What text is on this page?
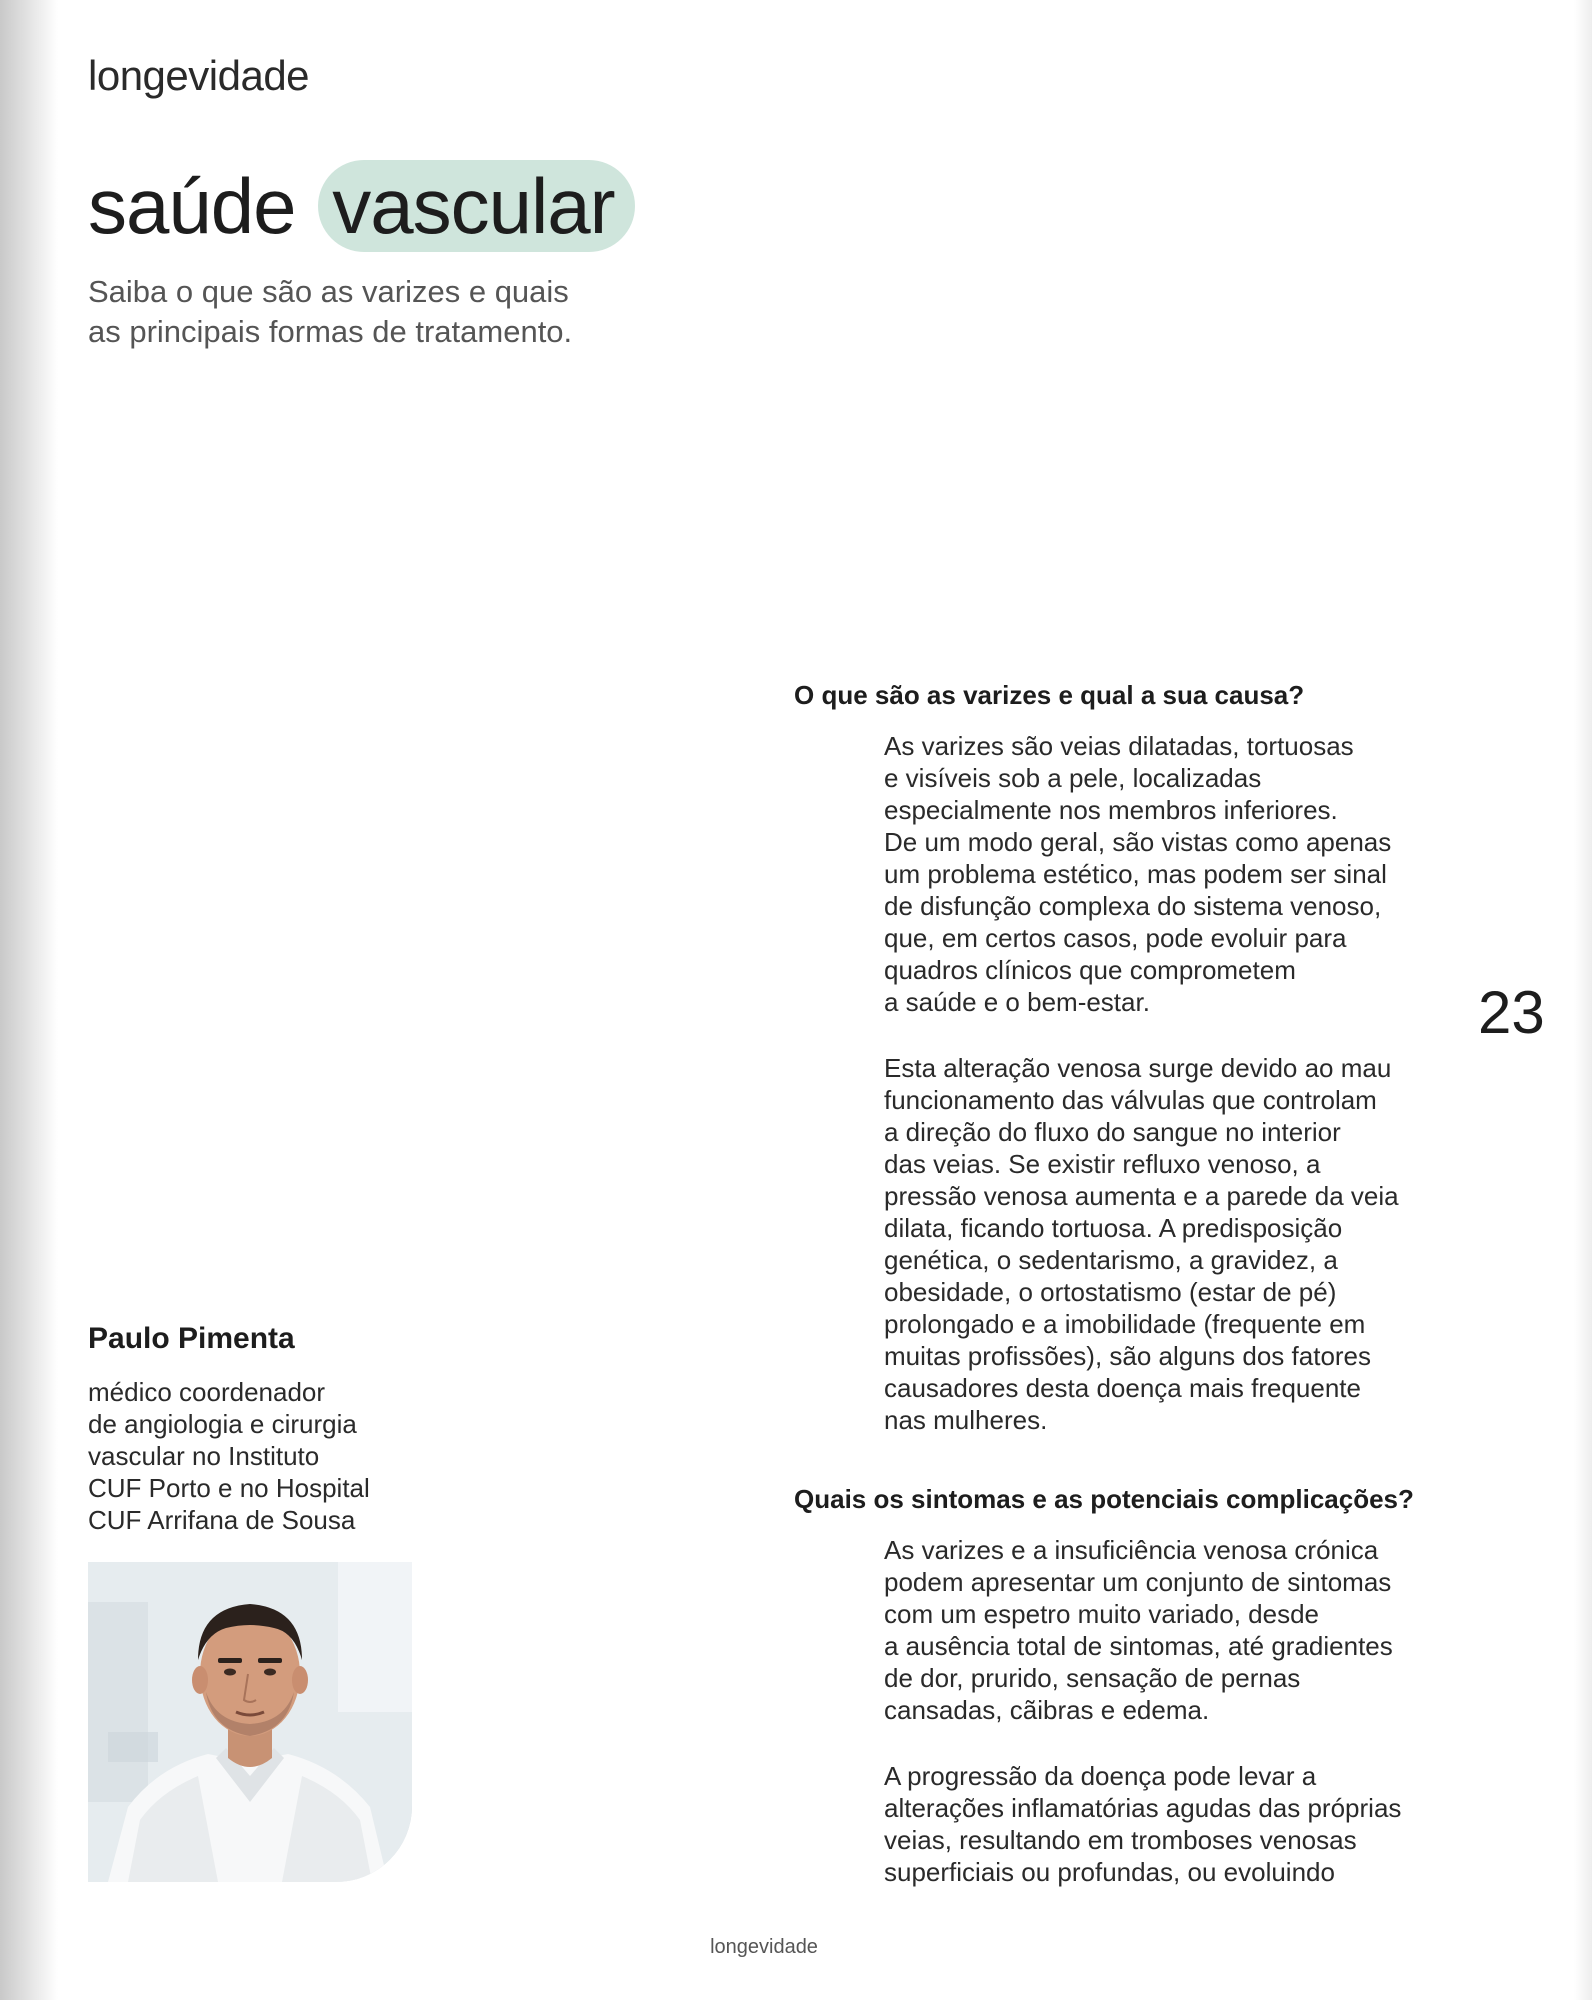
longevidade
saúde vascular
Saiba o que são as varizes e quais
as principais formas de tratamento.
Paulo Pimenta
médico coordenador
de angiologia e cirurgia
vascular no Instituto
CUF Porto e no Hospital
CUF Arrifana de Sousa
23
O que são as varizes e qual a sua causa?
As varizes são veias dilatadas, tortuosas
e visíveis sob a pele, localizadas
especialmente nos membros inferiores.
De um modo geral, são vistas como apenas
um problema estético, mas podem ser sinal
de disfunção complexa do sistema venoso,
que, em certos casos, pode evoluir para
quadros clínicos que comprometem
a saúde e o bem-estar.
Esta alteração venosa surge devido ao mau
funcionamento das válvulas que controlam
a direção do fluxo do sangue no interior
das veias. Se existir refluxo venoso, a
pressão venosa aumenta e a parede da veia
dilata, ficando tortuosa. A predisposição
genética, o sedentarismo, a gravidez, a
obesidade, o ortostatismo (estar de pé)
prolongado e a imobilidade (frequente em
muitas profissões), são alguns dos fatores
causadores desta doença mais frequente
nas mulheres.
Quais os sintomas e as potenciais complicações?
As varizes e a insuficiência venosa crónica
podem apresentar um conjunto de sintomas
com um espetro muito variado, desde
a ausência total de sintomas, até gradientes
de dor, prurido, sensação de pernas
cansadas, cãibras e edema.
A progressão da doença pode levar a
alterações inflamatórias agudas das próprias
veias, resultando em tromboses venosas
superficiais ou profundas, ou evoluindo
longevidade
